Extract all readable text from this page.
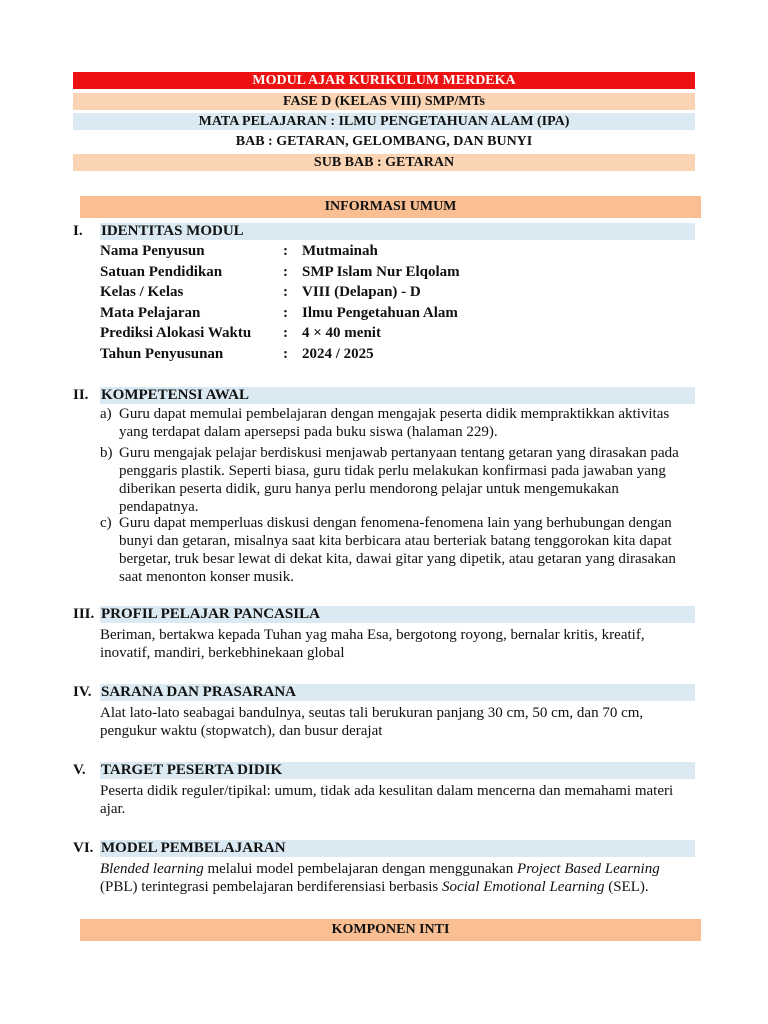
MODUL AJAR KURIKULUM MERDEKA
FASE D (KELAS VIII) SMP/MTs
MATA PELAJARAN : ILMU PENGETAHUAN ALAM (IPA)
BAB : GETARAN, GELOMBANG, DAN BUNYI
SUB BAB : GETARAN
INFORMASI UMUM
I. IDENTITAS MODUL
Nama Penyusun	: Mutmainah
Satuan Pendidikan	: SMP Islam Nur Elqolam
Kelas / Kelas	: VIII (Delapan) - D
Mata Pelajaran	: Ilmu Pengetahuan Alam
Prediksi Alokasi Waktu : 4 × 40 menit
Tahun Penyusunan	: 2024 / 2025
II. KOMPETENSI AWAL
a) Guru dapat memulai pembelajaran dengan mengajak peserta didik mempraktikkan aktivitas yang terdapat dalam apersepsi pada buku siswa (halaman 229).
b) Guru mengajak pelajar berdiskusi menjawab pertanyaan tentang getaran yang dirasakan pada penggaris plastik. Seperti biasa, guru tidak perlu melakukan konfirmasi pada jawaban yang diberikan peserta didik, guru hanya perlu mendorong pelajar untuk mengemukakan pendapatnya.
c) Guru dapat memperluas diskusi dengan fenomena-fenomena lain yang berhubungan dengan bunyi dan getaran, misalnya saat kita berbicara atau berteriak batang tenggorokan kita dapat bergetar, truk besar lewat di dekat kita, dawai gitar yang dipetik, atau getaran yang dirasakan saat menonton konser musik.
III. PROFIL PELAJAR PANCASILA

Beriman, bertakwa kepada Tuhan yag maha Esa, bergotong royong, bernalar kritis, kreatif, inovatif, mandiri, berkebhinekaan global

IV. SARANA DAN PRASARANA

Alat lato-lato seabagai bandulnya, seutas tali berukuran panjang 30 cm, 50 cm, dan 70 cm, pengukur waktu (stopwatch), dan busur derajat

V. TARGET PESERTA DIDIK

Peserta didik reguler/tipikal: umum, tidak ada kesulitan dalam mencerna dan memahami materi ajar.

VI. MODEL PEMBELAJARAN

Blended learning melalui model pembelajaran dengan menggunakan Project Based Learning (PBL) terintegrasi pembelajaran berdiferensiasi berbasis Social Emotional Learning (SEL).

KOMPONEN INTI
